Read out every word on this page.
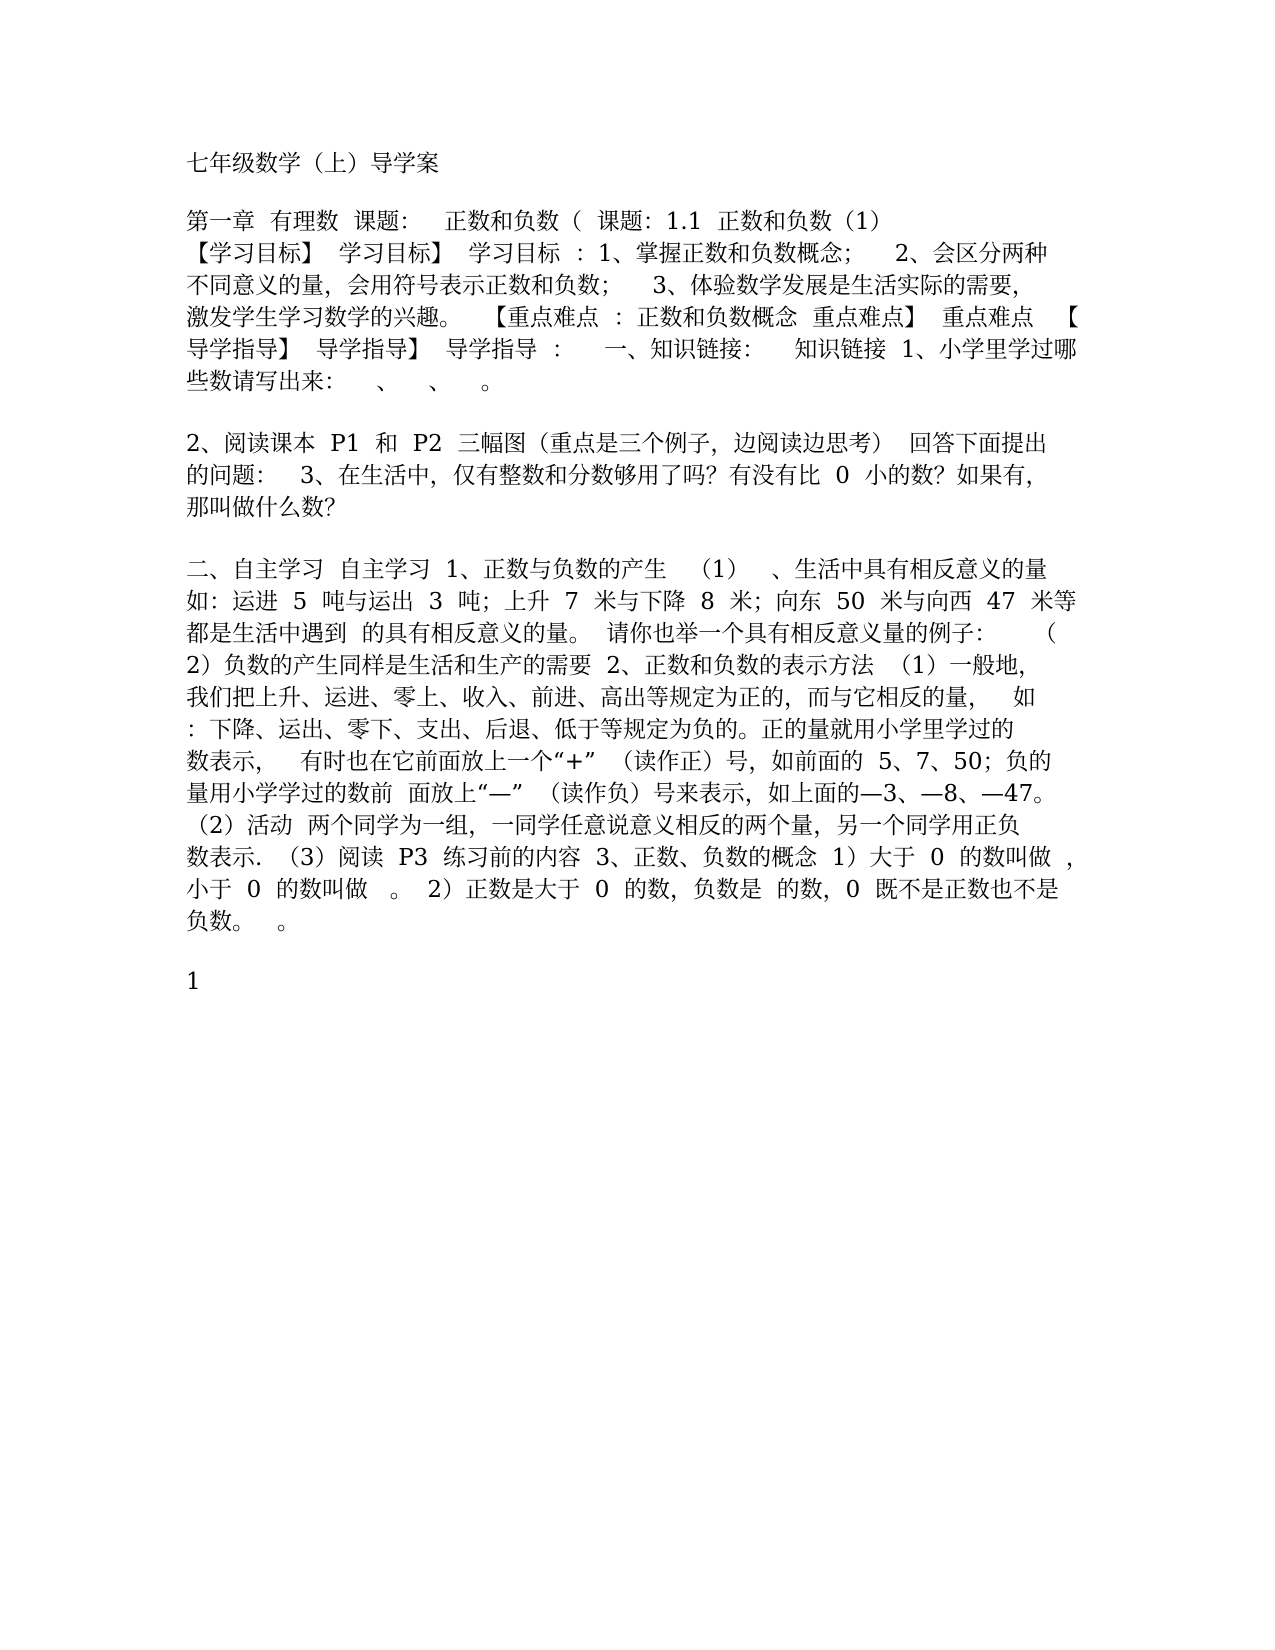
七年级数学（上）导学案
第一章  有理数  课题：   正数和负数（  课题：1.1  正数和负数（1）
【学习目标】  学习目标】  学习目标  ：1、掌握正数和负数概念；    2、会区分两种
不同意义的量，会用符号表示正数和负数；    3、体验数学发展是生活实际的需要，
激发学生学习数学的兴趣。   【重点难点  ：正数和负数概念  重点难点】  重点难点   【
导学指导】  导学指导】  导学指导  ：    一、知识链接：    知识链接  1、小学里学过哪
些数请写出来：    、    、    。
2、阅读课本  P1  和  P2  三幅图（重点是三个例子，边阅读边思考）  回答下面提出
的问题：   3、在生活中，仅有整数和分数够用了吗？有没有比  0  小的数？如果有，
那叫做什么数？
二、自主学习  自主学习  1、正数与负数的产生   （1）   、生活中具有相反意义的量
如：运进  5  吨与运出  3  吨；上升  7  米与下降  8  米；向东  50  米与向西  47  米等
都是生活中遇到  的具有相反意义的量。  请你也举一个具有相反意义量的例子：     （
2）负数的产生同样是生活和生产的需要  2、正数和负数的表示方法  （1）一般地，
我们把上升、运进、零上、收入、前进、高出等规定为正的，而与它相反的量，   如
：下降、运出、零下、支出、后退、低于等规定为负的。正的量就用小学里学过的
数表示，   有时也在它前面放上一个“+”  （读作正）号，如前面的  5、7、50；负的
量用小学学过的数前  面放上“—”  （读作负）号来表示，如上面的—3、—8、—47。
（2）活动  两个同学为一组，一同学任意说意义相反的两个量，另一个同学用正负
数表示.  （3）阅读  P3  练习前的内容  3、正数、负数的概念  1）大于  0  的数叫做  ，
小于  0  的数叫做   。  2）正数是大于  0  的数，负数是  的数，0  既不是正数也不是
负数。   。
1
